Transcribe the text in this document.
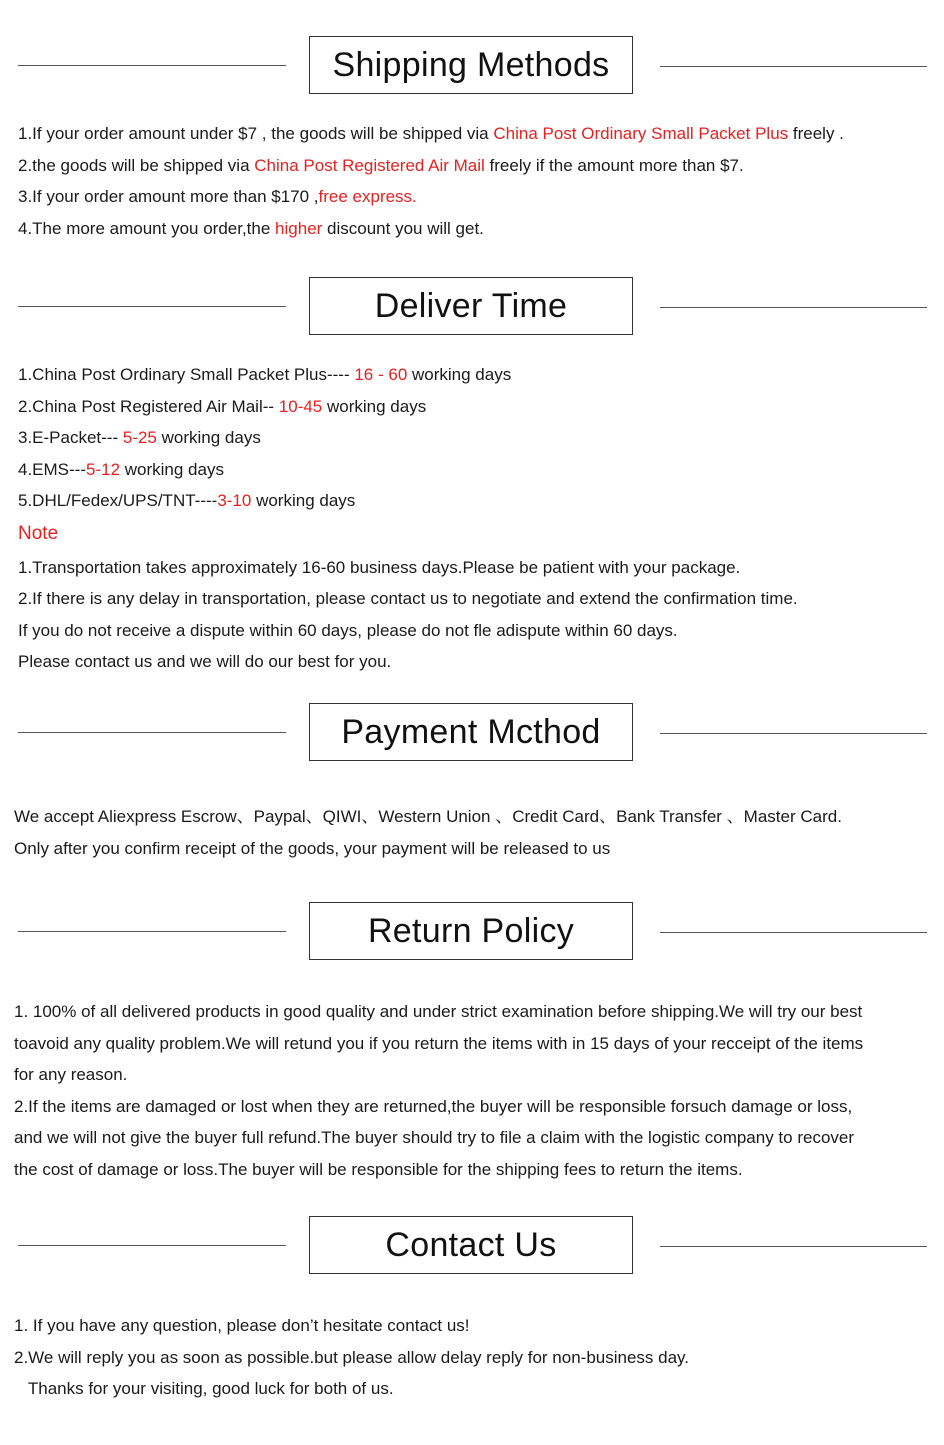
Shipping Methods
1.If your order amount under $7 , the goods will be shipped via China Post Ordinary Small Packet Plus freely .
2.the goods will be shipped via China Post Registered Air Mail freely if the amount more than $7.
3.If your order amount more than $170 ,free express.
4.The more amount you order,the higher discount you will get.
Deliver Time
1.China Post Ordinary Small Packet Plus---- 16 - 60 working days
2.China Post Registered Air Mail-- 10-45 working days
3.E-Packet--- 5-25 working days
4.EMS---5-12 working days
5.DHL/Fedex/UPS/TNT----3-10 working days
Note
1.Transportation takes approximately 16-60 business days.Please be patient with your package.
2.If there is any delay in transportation, please contact us to negotiate and extend the confirmation time.
If you do not receive a dispute within 60 days, please do not fle adispute within 60 days.
Please contact us and we will do our best for you.
Payment Mcthod
We accept Aliexpress Escrow、Paypal、QIWI、Western Union 、Credit Card、Bank Transfer 、Master Card.
Only after you confirm receipt of the goods, your payment will be released to us
Return Policy
1. 100% of all delivered products in good quality and under strict examination before shipping.We will try our best
toavoid any quality problem.We will retund you if you return the items with in 15 days of your recceipt of the items
for any reason.
2.If the items are damaged or lost when they are returned,the buyer will be responsible forsuch damage or loss,
and we will not give the buyer full refund.The buyer should try to file a claim with the logistic company to recover
the cost of damage or loss.The buyer will be responsible for the shipping fees to return the items.
Contact Us
1. If you have any question, please don’t hesitate contact us!
2.We will reply you as soon as possible.but please allow delay reply for non-business day.
Thanks for your visiting, good luck for both of us.
